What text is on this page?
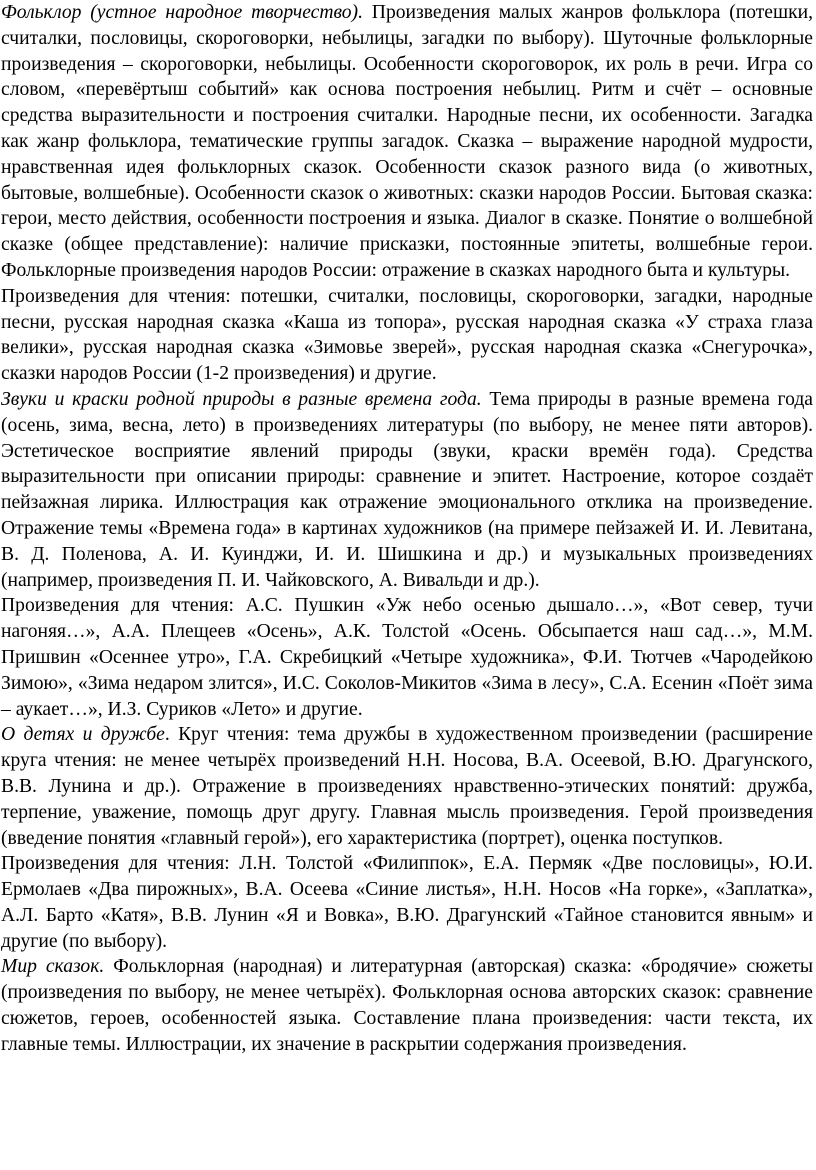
Фольклор (устное народное творчество). Произведения малых жанров фольклора (потешки, считалки, пословицы, скороговорки, небылицы, загадки по выбору). Шуточные фольклорные произведения – скороговорки, небылицы. Особенности скороговорок, их роль в речи. Игра со словом, «перевёртыш событий» как основа построения небылиц. Ритм и счёт – основные средства выразительности и построения считалки. Народные песни, их особенности. Загадка как жанр фольклора, тематические группы загадок. Сказка – выражение народной мудрости, нравственная идея фольклорных сказок. Особенности сказок разного вида (о животных, бытовые, волшебные). Особенности сказок о животных: сказки народов России. Бытовая сказка: герои, место действия, особенности построения и языка. Диалог в сказке. Понятие о волшебной сказке (общее представление): наличие присказки, постоянные эпитеты, волшебные герои. Фольклорные произведения народов России: отражение в сказках народного быта и культуры.

Произведения для чтения: потешки, считалки, пословицы, скороговорки, загадки, народные песни, русская народная сказка «Каша из топора», русская народная сказка «У страха глаза велики», русская народная сказка «Зимовье зверей», русская народная сказка «Снегурочка», сказки народов России (1-2 произведения) и другие.

Звуки и краски родной природы в разные времена года. Тема природы в разные времена года (осень, зима, весна, лето) в произведениях литературы (по выбору, не менее пяти авторов). Эстетическое восприятие явлений природы (звуки, краски времён года). Средства выразительности при описании природы: сравнение и эпитет. Настроение, которое создаёт пейзажная лирика. Иллюстрация как отражение эмоционального отклика на произведение. Отражение темы «Времена года» в картинах художников (на примере пейзажей И. И. Левитана, В. Д. Поленова, А. И. Куинджи, И. И. Шишкина и др.) и музыкальных произведениях (например, произведения П. И. Чайковского, А. Вивальди и др.).

Произведения для чтения: А.С. Пушкин «Уж небо осенью дышало…», «Вот север, тучи нагоняя…», А.А. Плещеев «Осень», А.К. Толстой «Осень. Обсыпается наш сад…», М.М. Пришвин «Осеннее утро», Г.А. Скребицкий «Четыре художника», Ф.И. Тютчев «Чародейкою Зимою», «Зима недаром злится», И.С. Соколов-Микитов «Зима в лесу», С.А. Есенин «Поёт зима – аукает…», И.З. Суриков «Лето» и другие.

О детях и дружбе. Круг чтения: тема дружбы в художественном произведении (расширение круга чтения: не менее четырёх произведений Н.Н. Носова, В.А. Осеевой, В.Ю. Драгунского, В.В. Лунина и др.). Отражение в произведениях нравственно-этических понятий: дружба, терпение, уважение, помощь друг другу. Главная мысль произведения. Герой произведения (введение понятия «главный герой»), его характеристика (портрет), оценка поступков.

Произведения для чтения: Л.Н. Толстой «Филиппок», Е.А. Пермяк «Две пословицы», Ю.И. Ермолаев «Два пирожных», В.А. Осеева «Синие листья», Н.Н. Носов «На горке», «Заплатка», А.Л. Барто «Катя», В.В. Лунин «Я и Вовка», В.Ю. Драгунский «Тайное становится явным» и другие (по выбору).

Мир сказок. Фольклорная (народная) и литературная (авторская) сказка: «бродячие» сюжеты (произведения по выбору, не менее четырёх). Фольклорная основа авторских сказок: сравнение сюжетов, героев, особенностей языка. Составление плана произведения: части текста, их главные темы. Иллюстрации, их значение в раскрытии содержания произведения.
